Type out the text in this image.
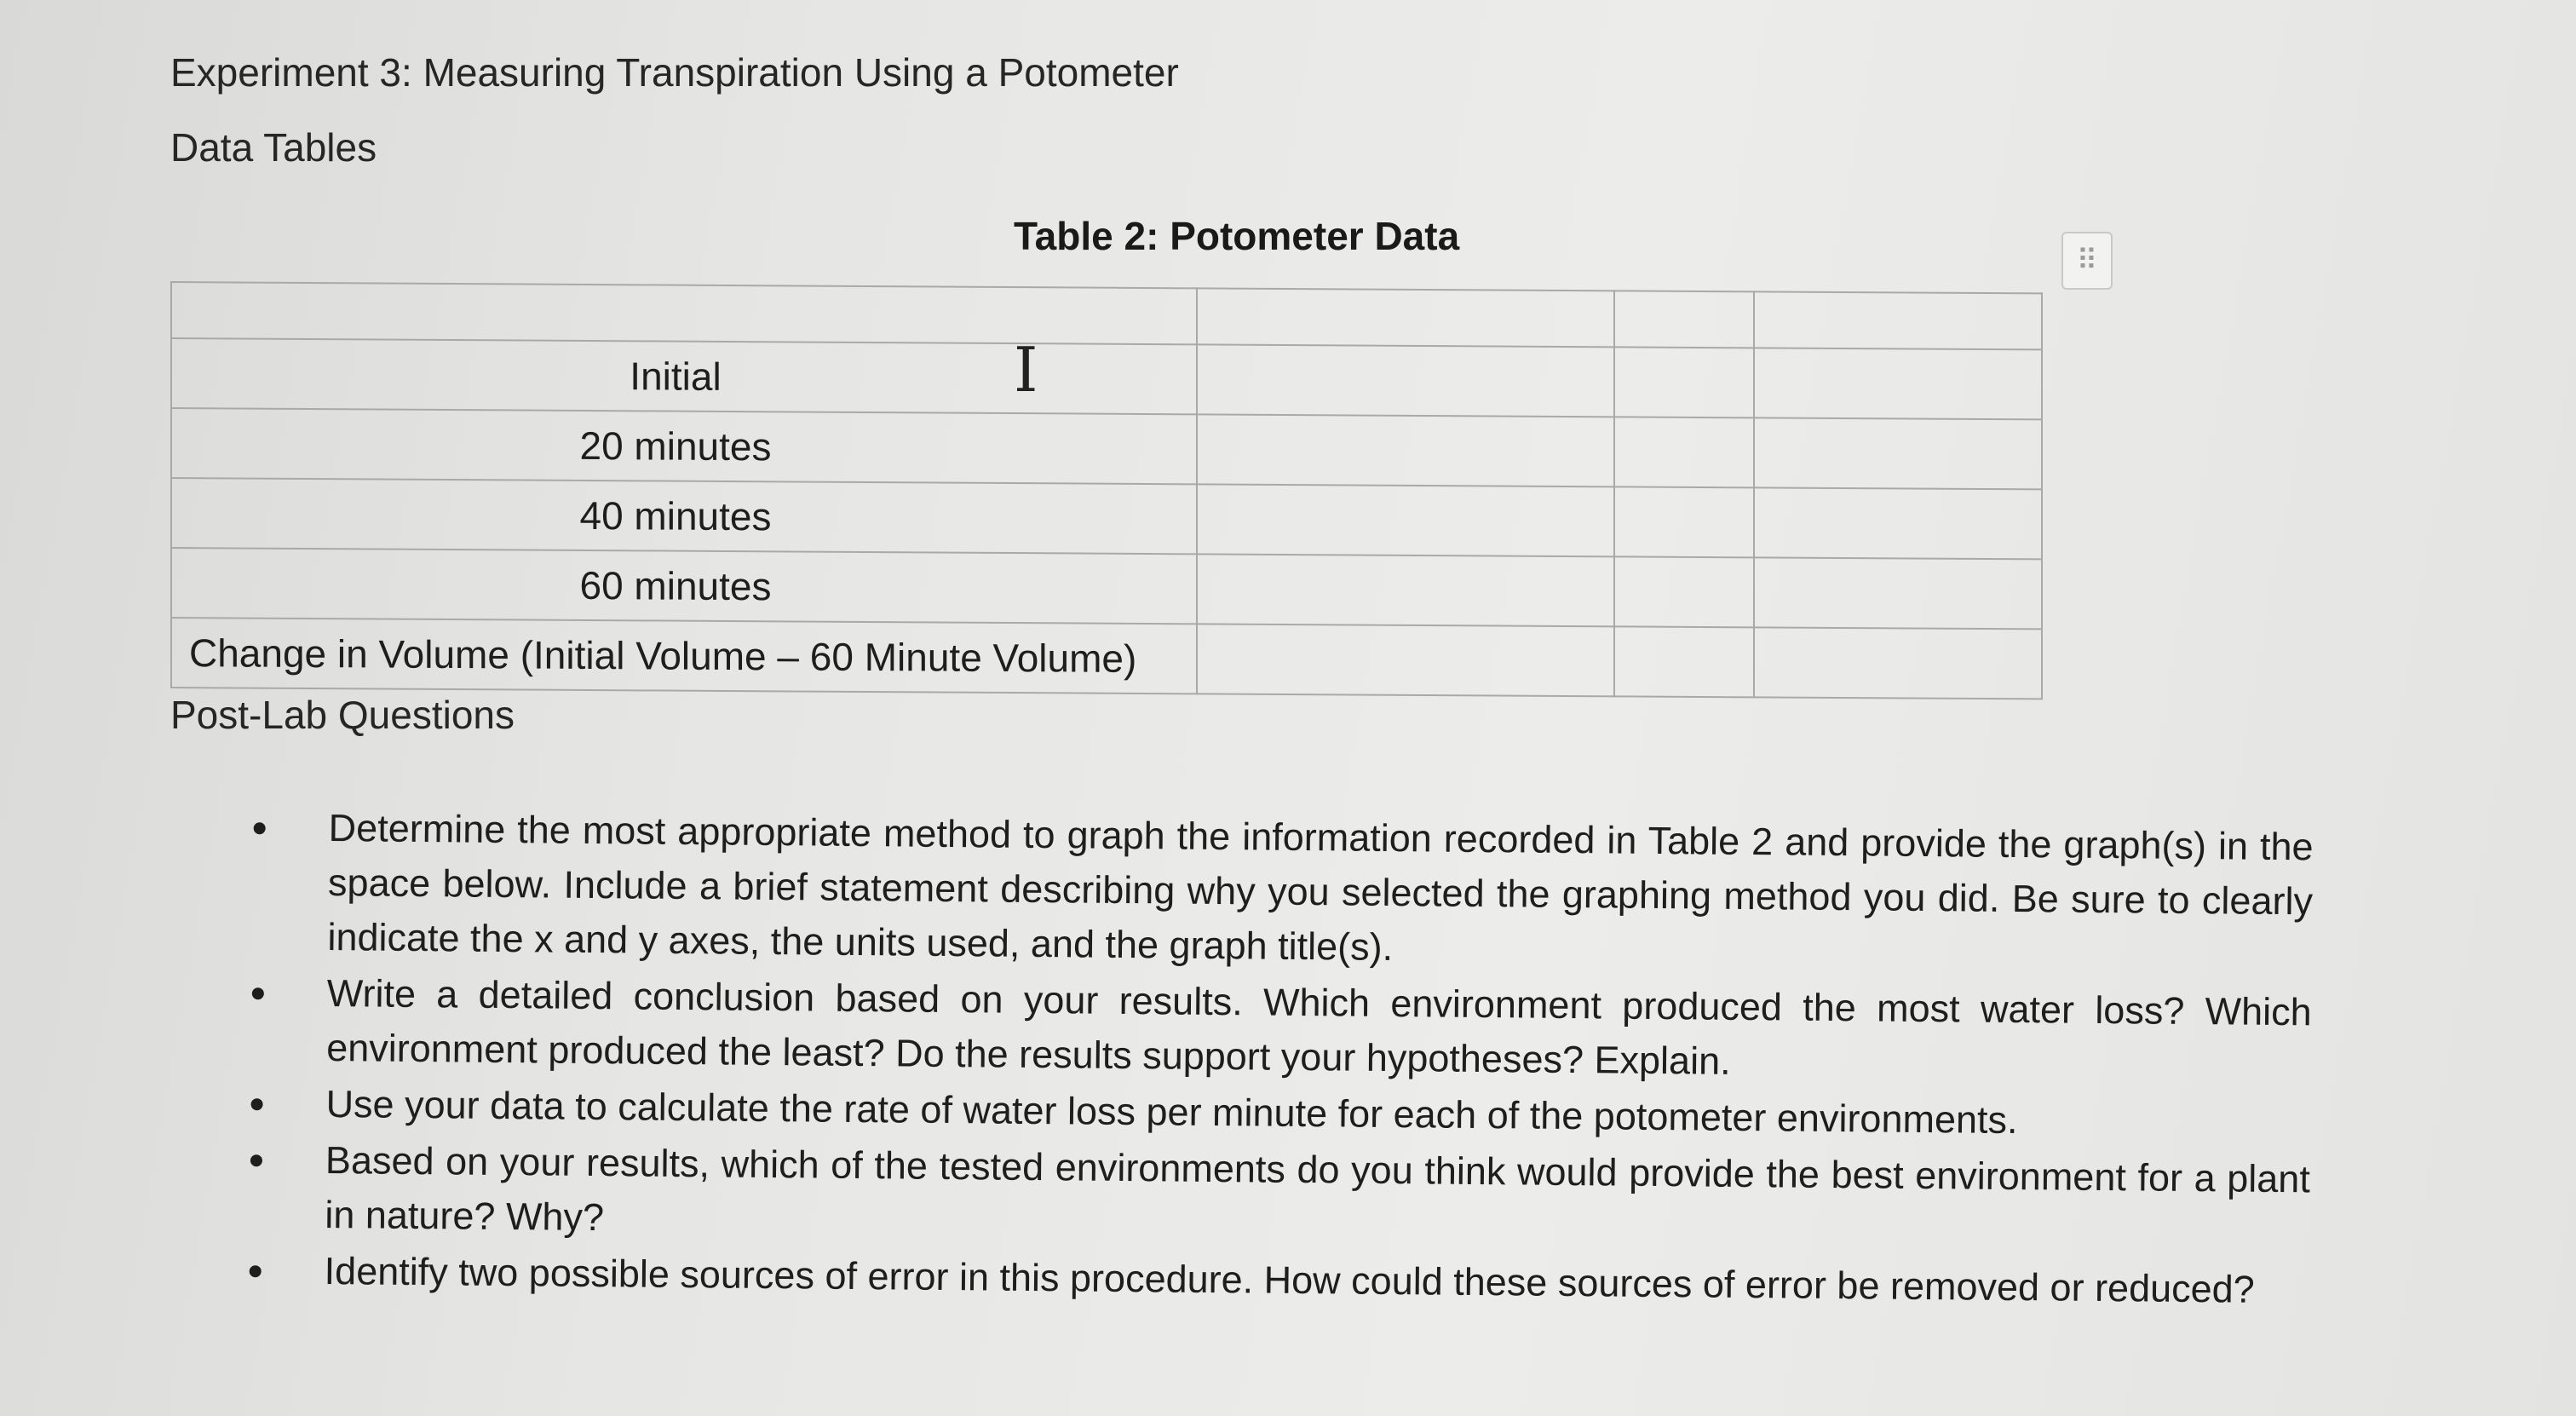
Experiment 3: Measuring Transpiration Using a Potometer
Data Tables
Table 2: Potometer Data
⠿

Initial			
20 minutes			
40 minutes			
60 minutes			
Change in Volume (Initial Volume – 60 Minute Volume)			
I
Post-Lab Questions
Determine the most appropriate method to graph the information recorded in Table 2 and provide the graph(s) in the space below. Include a brief statement describing why you selected the graphing method you did. Be sure to clearly indicate the x and y axes, the units used, and the graph title(s).
Write a detailed conclusion based on your results. Which environment produced the most water loss? Which environment produced the least? Do the results support your hypotheses? Explain.
Use your data to calculate the rate of water loss per minute for each of the potometer environments.
Based on your results, which of the tested environments do you think would provide the best environment for a plant in nature? Why?
Identify two possible sources of error in this procedure. How could these sources of error be removed or reduced?
